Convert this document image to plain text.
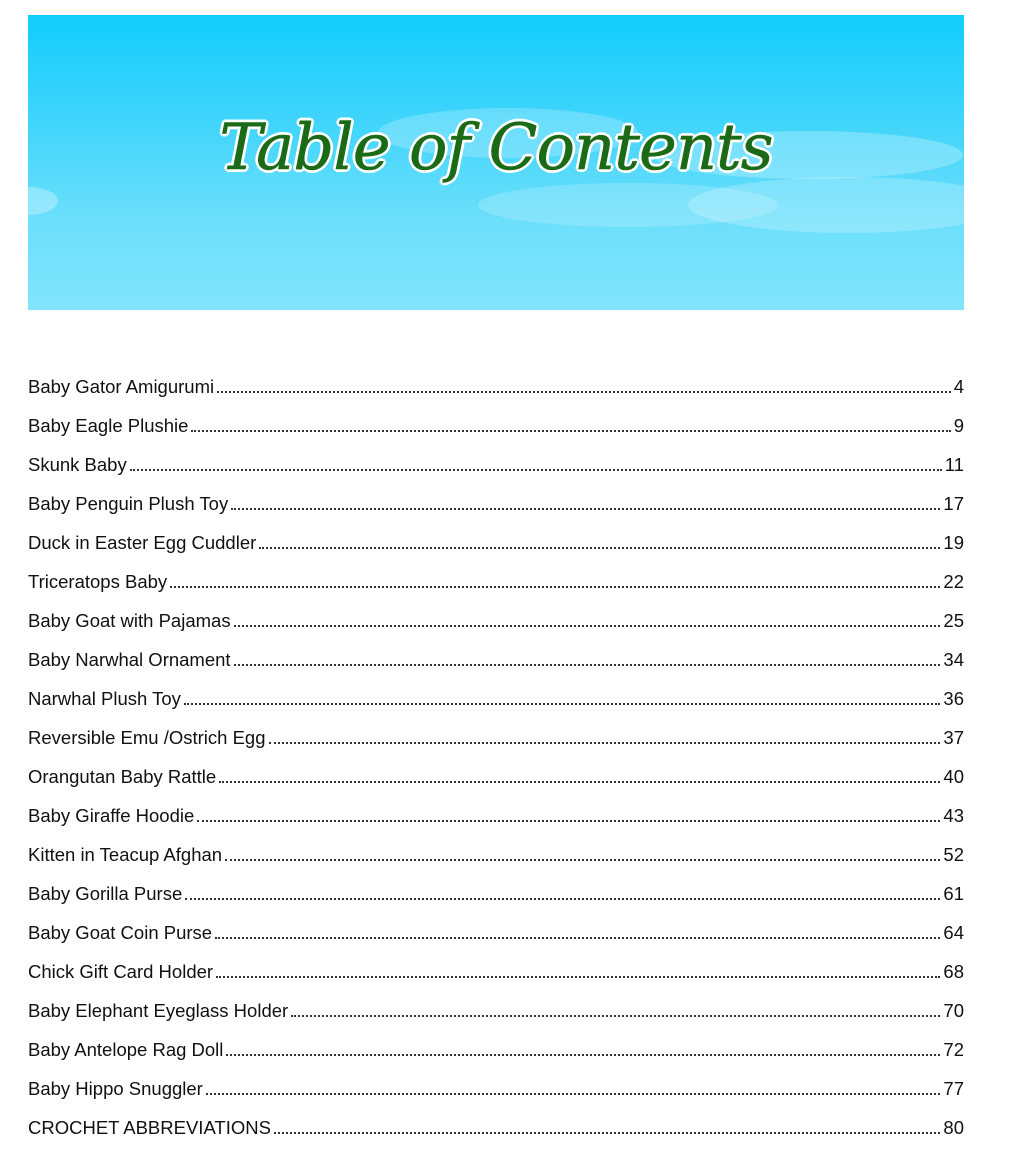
Table of Contents
Baby Gator Amigurumi	4
Baby Eagle Plushie	9
Skunk Baby	11
Baby Penguin Plush Toy	17
Duck in Easter Egg Cuddler	19
Triceratops Baby	22
Baby Goat with Pajamas	25
Baby Narwhal Ornament	34
Narwhal Plush Toy	36
Reversible Emu /Ostrich Egg	37
Orangutan Baby Rattle	40
Baby Giraffe Hoodie	43
Kitten in Teacup Afghan	52
Baby Gorilla Purse	61
Baby Goat Coin Purse	64
Chick Gift Card Holder	68
Baby Elephant Eyeglass Holder	70
Baby Antelope Rag Doll	72
Baby Hippo Snuggler	77
CROCHET ABBREVIATIONS	80
